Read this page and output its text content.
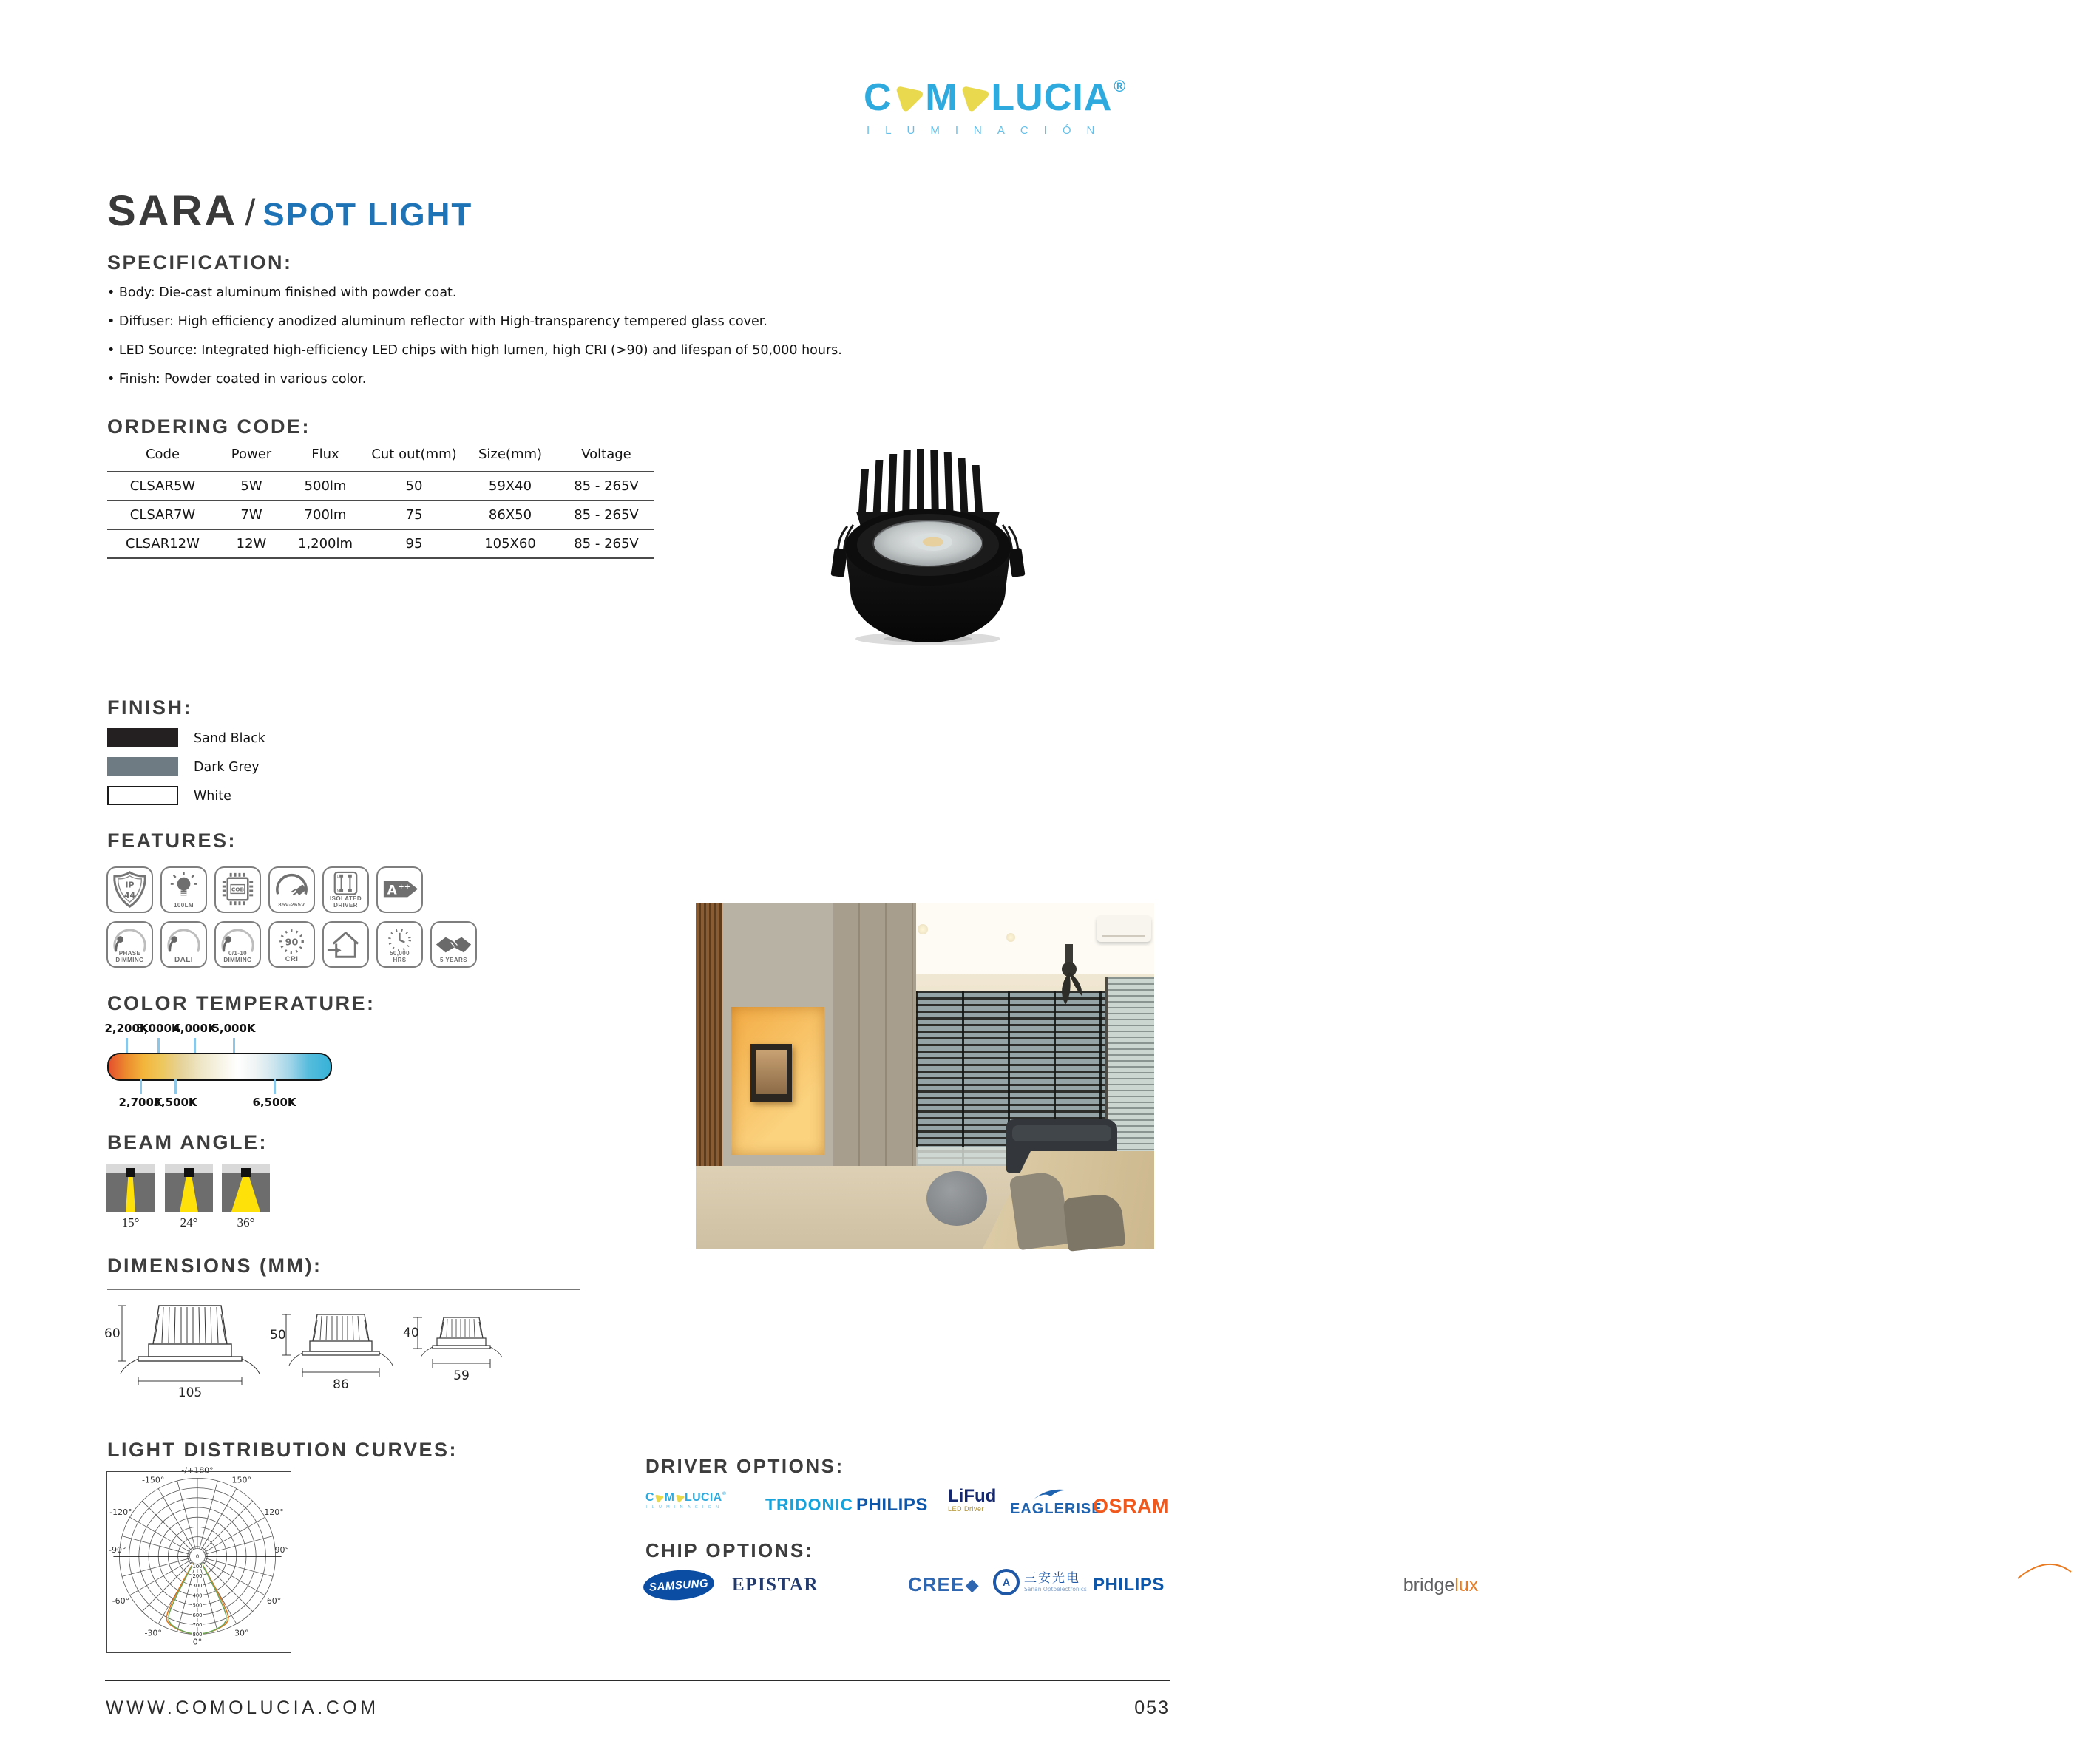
C M L U C I A ®
ILUMINACIÓN
SARA / SPOT LIGHT
SPECIFICATION:
• Body: Die-cast aluminum finished with powder coat.
• Diffuser: High efficiency anodized aluminum reflector with High-transparency tempered glass cover.
• LED Source: Integrated high-efficiency LED chips with high lumen, high CRI (>90) and lifespan of 50,000 hours.
• Finish: Powder coated in various color.
ORDERING CODE:
Code	Power	Flux	Cut out(mm)	Size(mm)	Voltage
CLSAR5W	5W	500lm	50	59X40	85 - 265V
CLSAR7W	7W	700lm	75	86X50	85 - 265V
CLSAR12W	12W	1,200lm	95	105X60	85 - 265V
FINISH:
Sand Black
Dark Grey
White
FEATURES:
IP
44
100LM
COB
85V-265V
L
N
ISOLATED
DRIVER
A ++
PHASE
DIMMING	DALI
0/1-10
DIMMING
90
CRI
50,000
HRS	5 YEARS
COLOR TEMPERATURE:
2,200K
3,000K
4,000K
5,000K
2,700K
3,500K	6,500K
BEAM ANGLE:
15°	24°	36°
DIMENSIONS (MM):
60
105
50
86
40
59
LIGHT DISTRIBUTION CURVES:
0°
30°
-30°
60°
-60°
90°
-90°
120°
-120°
150°
-150°
-/+180°
0
100
200
300
400
500
600
700
800
DRIVER OPTIONS:
C M L U C I A ®
ILUMINACIÓN TRIDONIC PHILIPS LiFud
LED Driver EAGLERISE
OSRAM
CHIP OPTIONS:
SAMSUNG	EPISTAR	bridge lux
CREE ◆	A	三安光电
Sanan Optoelectronics PHILIPS
WWW.COMOLUCIA.COM	053
